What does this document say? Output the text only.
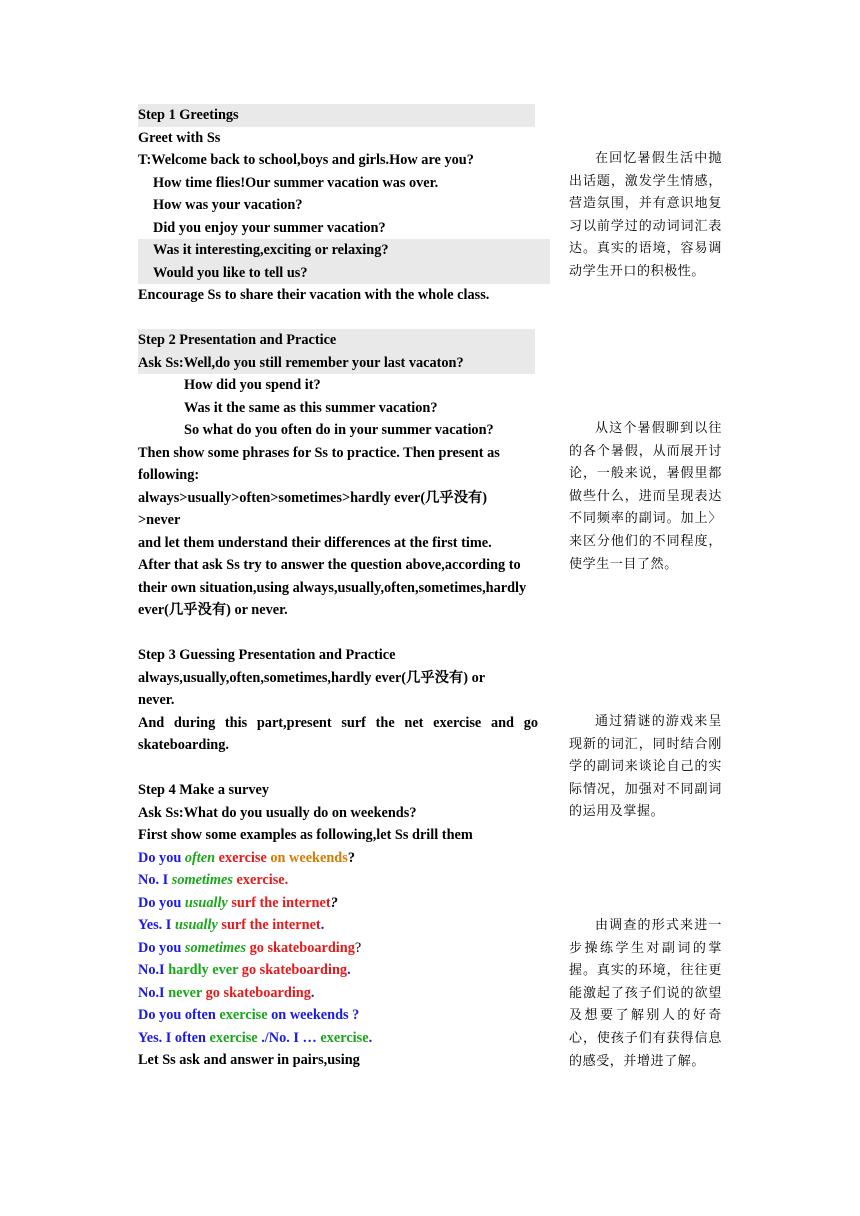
Step 1 Greetings
Greet with Ss
T:Welcome back to school,boys and girls.How are you?
How time flies!Our summer vacation was over.
How was your vacation?
Did you enjoy your summer vacation?
Was it interesting,exciting or relaxing?
Would you like to tell us?
Encourage Ss to share their vacation with the whole class.
Step 2 Presentation and Practice
Ask Ss:Well,do you still remember your last vacaton?
How did you spend it?
Was it the same as this summer vacation?
So what do you often do in your summer vacation?
Then show some phrases for Ss to practice. Then present as following:
always>usually>often>sometimes>hardly ever(几乎没有) >never
and let them understand their differences at the first time.
After that ask Ss try to answer the question above,according to their own situation,using always,usually,often,sometimes,hardly ever(几乎没有) or never.
Step 3 Guessing Presentation and Practice
always,usually,often,sometimes,hardly ever(几乎没有) or never.
And during this part,present surf the net exercise and go skateboarding.
Step 4 Make a survey
Ask Ss:What do you usually do on weekends?
First show some examples as following,let Ss drill them
Do you often exercise on weekends?
No. I sometimes exercise.
Do you usually surf the internet?
Yes. I usually surf the internet.
Do you sometimes go skateboarding?
No.I hardly ever go skateboarding.
No.I never go skateboarding.
Do you often exercise on weekends ?
Yes. I often exercise ./No. I … exercise.
Let Ss ask and answer in pairs,using
在回忆暑假生活中抛出话题，激发学生情感，营造氛围，并有意识地复习以前学过的动词词汇表达。真实的语境，容易调动学生开口的积极性。
从这个暑假聊到以往的各个暑假，从而展开讨论，一般来说，暑假里都做些什么，进而呈现表达不同频率的副词。加上〉来区分他们的不同程度，使学生一目了然。
通过猜谜的游戏来呈现新的词汇，同时结合刚学的副词来谈论自己的实际情况，加强对不同副词的运用及掌握。
由调查的形式来进一步操练学生对副词的掌握。真实的环境，往往更能激起了孩子们说的欲望及想要了解别人的好奇心，使孩子们有获得信息的感受，并增进了解。
